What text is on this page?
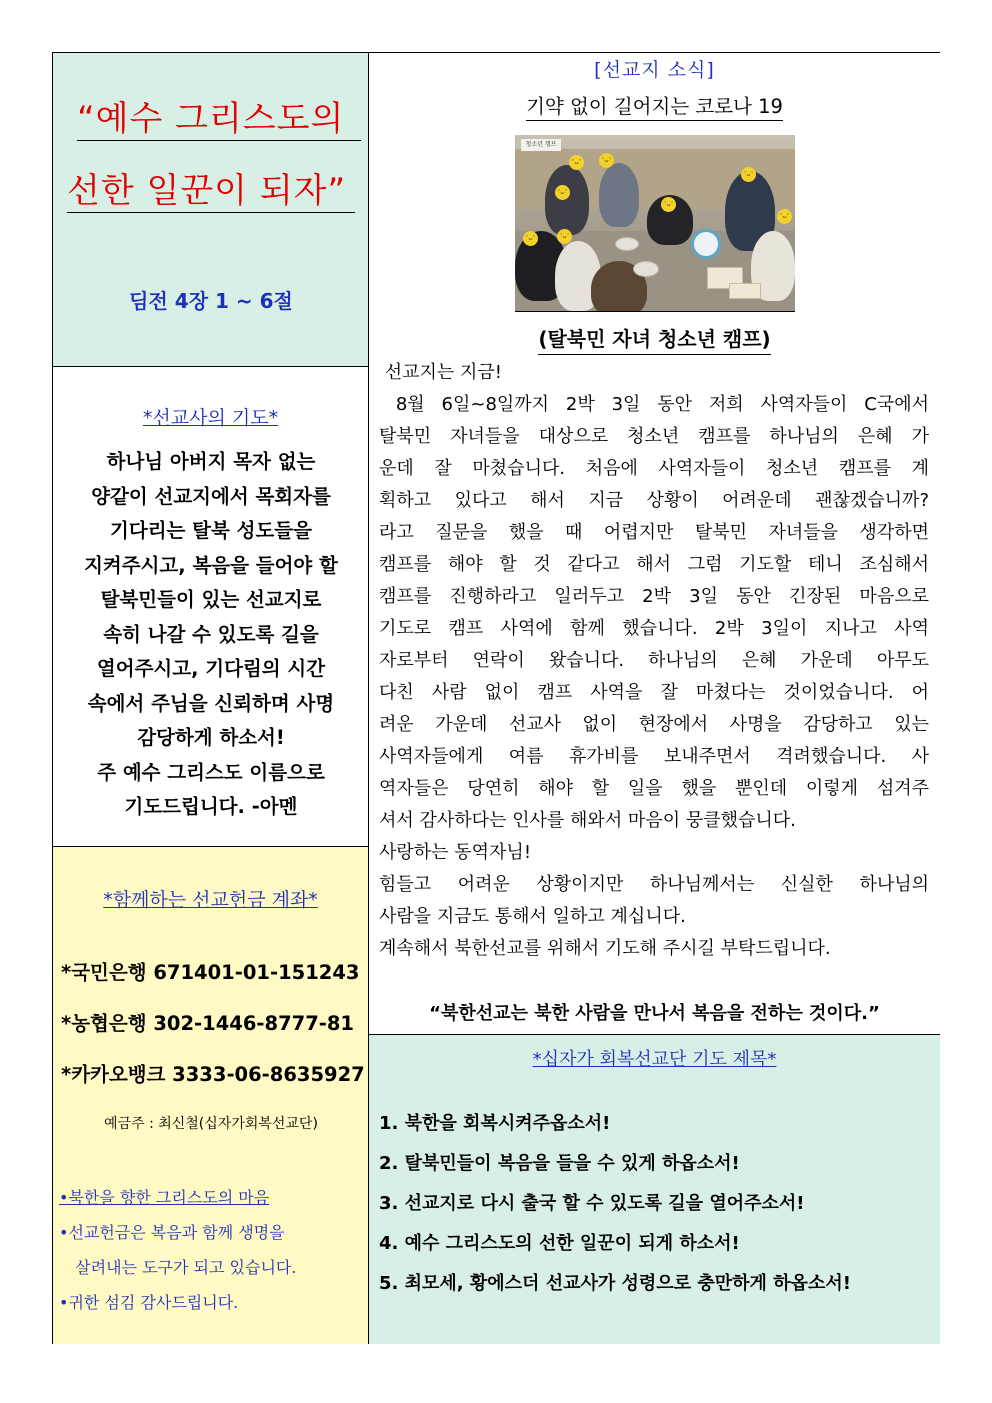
“예수 그리스도의
선한 일꾼이 되자”
딤전 4장 1 ~ 6절
*선교사의 기도*
하나님 아버지 목자 없는
양같이 선교지에서 목회자를
기다리는 탈북 성도들을
지켜주시고, 복음을 들어야 할
탈북민들이 있는 선교지로
속히 나갈 수 있도록 길을
열어주시고, 기다림의 시간
속에서 주님을 신뢰하며 사명
감당하게 하소서!
주 예수 그리스도 이름으로
기도드립니다. -아멘
*함께하는 선교헌금 계좌*
*국민은행 671401-01-151243
*농협은행 302-1446-8777-81
*카카오뱅크 3333-06-8635927
예금주 : 최신철(십자가회복선교단)
•북한을 향한 그리스도의 마음
•선교헌금은 복음과 함께 생명을
살려내는 도구가 되고 있습니다.
•귀한 섬김 감사드립니다.
[선교지 소식]
기약 없이 길어지는 코로나 19
청소년 캠프
ᵔᴗᵔ	ᵔᴗᵔ
ᵔᴗᵔ
ᵔᴗᵔ
ᵔᴗᵔ
ᵔᴗᵔ
ᵔᴗᵔ
ᵔᴗᵔ
(탈북민 자녀 청소년 캠프)
선교지는 지금!
8월 6일~8일까지 2박 3일 동안 저희 사역자들이 C국에서
탈북민 자녀들을 대상으로 청소년 캠프를 하나님의 은혜 가
운데 잘 마쳤습니다. 처음에 사역자들이 청소년 캠프를 계
획하고 있다고 해서 지금 상황이 어려운데 괜찮겠습니까?
라고 질문을 했을 때 어렵지만 탈북민 자녀들을 생각하면
캠프를 해야 할 것 같다고 해서 그럼 기도할 테니 조심해서
캠프를 진행하라고 일러두고 2박 3일 동안 긴장된 마음으로
기도로 캠프 사역에 함께 했습니다. 2박 3일이 지나고 사역
자로부터 연락이 왔습니다. 하나님의 은혜 가운데 아무도
다친 사람 없이 캠프 사역을 잘 마쳤다는 것이었습니다. 어
려운 가운데 선교사 없이 현장에서 사명을 감당하고 있는
사역자들에게 여름 휴가비를 보내주면서 격려했습니다. 사
역자들은 당연히 해야 할 일을 했을 뿐인데 이렇게 섬겨주
셔서 감사하다는 인사를 해와서 마음이 뭉클했습니다.
사랑하는 동역자님!
힘들고 어려운 상황이지만 하나님께서는 신실한 하나님의
사람을 지금도 통해서 일하고 계십니다.
계속해서 북한선교를 위해서 기도해 주시길 부탁드립니다.
“북한선교는 북한 사람을 만나서 복음을 전하는 것이다.”
*십자가 회복선교단 기도 제목*
1. 북한을 회복시켜주옵소서!
2. 탈북민들이 복음을 들을 수 있게 하옵소서!
3. 선교지로 다시 출국 할 수 있도록 길을 열어주소서!
4. 예수 그리스도의 선한 일꾼이 되게 하소서!
5. 최모세, 황에스더 선교사가 성령으로 충만하게 하옵소서!
